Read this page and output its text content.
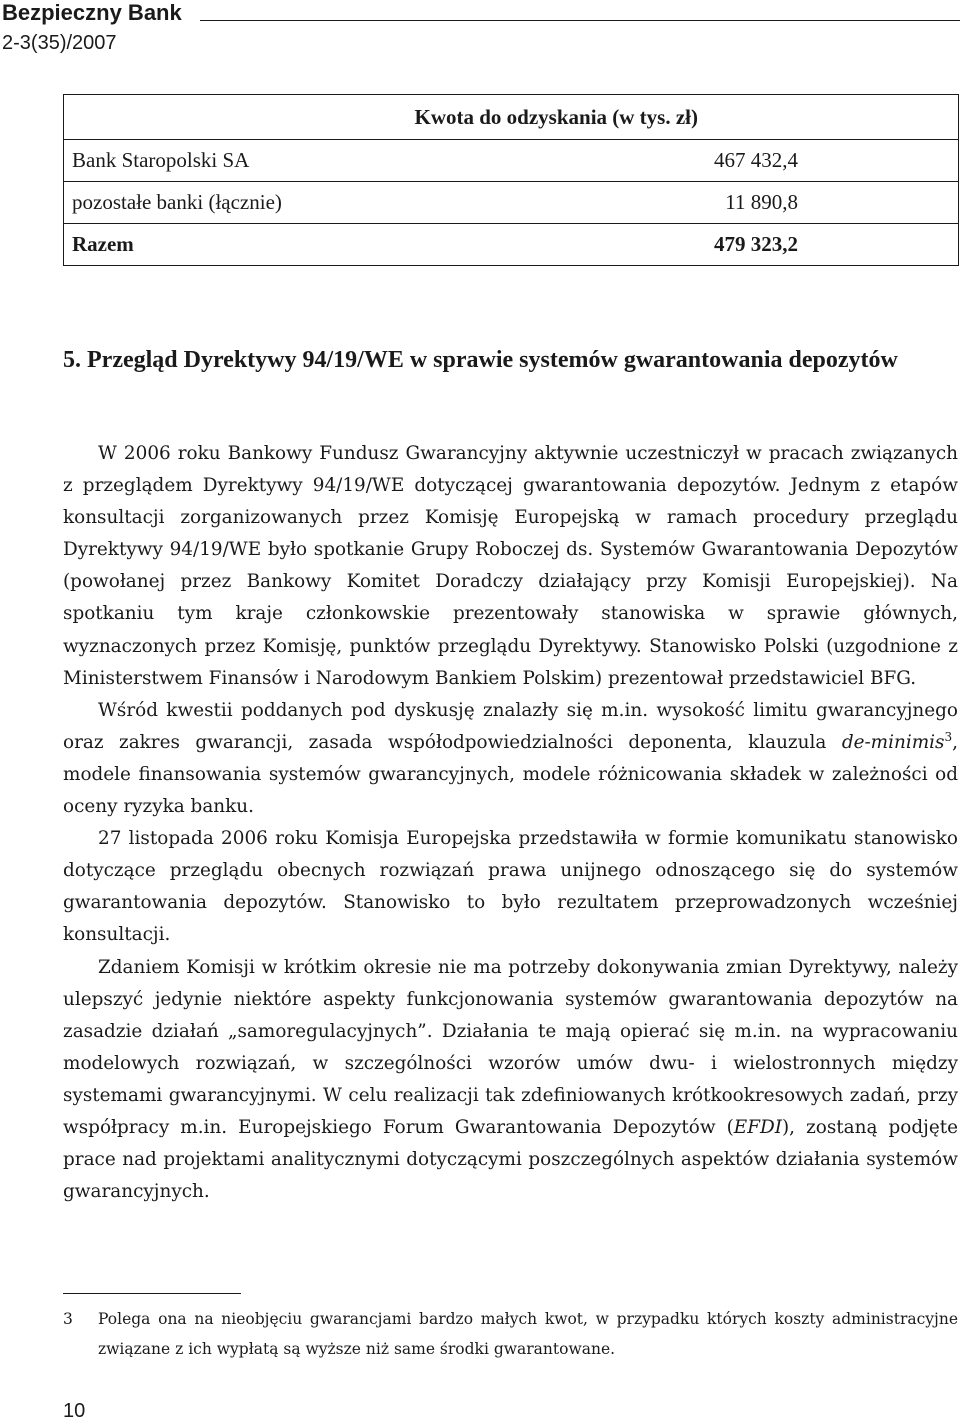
Bezpieczny Bank
2-3(35)/2007
	Kwota do odzyskania (w tys. zł)
Bank Staropolski SA	467 432,4
pozostałe banki (łącznie)	11 890,8
Razem	479 323,2
5. Przegląd Dyrektywy 94/19/WE w sprawie systemów gwarantowania depozytów

W 2006 roku Bankowy Fundusz Gwarancyjny aktywnie uczestniczył w pracach związanych z przeglądem Dyrektywy 94/19/WE dotyczącej gwarantowania depozytów. Jednym z etapów konsultacji zorganizowanych przez Komisję Europejską w ramach procedury przeglądu Dyrektywy 94/19/WE było spotkanie Grupy Roboczej ds. Systemów Gwarantowania Depozytów (powołanej przez Bankowy Komitet Doradczy działający przy Komisji Europejskiej). Na spotkaniu tym kraje członkowskie prezentowały stanowiska w sprawie głównych, wyznaczonych przez Komisję, punktów przeglądu Dyrektywy. Stanowisko Polski (uzgodnione z Ministerstwem Finansów i Narodowym Bankiem Polskim) prezentował przedstawiciel BFG.

Wśród kwestii poddanych pod dyskusję znalazły się m.in. wysokość limitu gwarancyjnego oraz zakres gwarancji, zasada współodpowiedzialności deponenta, klauzula de-minimis$^3$, modele finansowania systemów gwarancyjnych, modele różnicowania składek w zależności od oceny ryzyka banku.

27 listopada 2006 roku Komisja Europejska przedstawiła w formie komunikatu stanowisko dotyczące przeglądu obecnych rozwiązań prawa unijnego odnoszącego się do systemów gwarantowania depozytów. Stanowisko to było rezultatem przeprowadzonych wcześniej konsultacji.

Zdaniem Komisji w krótkim okresie nie ma potrzeby dokonywania zmian Dyrektywy, należy ulepszyć jedynie niektóre aspekty funkcjonowania systemów gwarantowania depozytów na zasadzie działań „samoregulacyjnych”. Działania te mają opierać się m.in. na wypracowaniu modelowych rozwiązań, w szczególności wzorów umów dwu- i wielostronnych między systemami gwarancyjnymi. W celu realizacji tak zdefiniowanych krótkookresowych zadań, przy współpracy m.in. Europejskiego Forum Gwarantowania Depozytów (EFDI), zostaną podjęte prace nad projektami analitycznymi dotyczącymi poszczególnych aspektów działania systemów gwarancyjnych.

3 Polega ona na nieobjęciu gwarancjami bardzo małych kwot, w przypadku których koszty administracyjne związane z ich wypłatą są wyższe niż same środki gwarantowane.
10
